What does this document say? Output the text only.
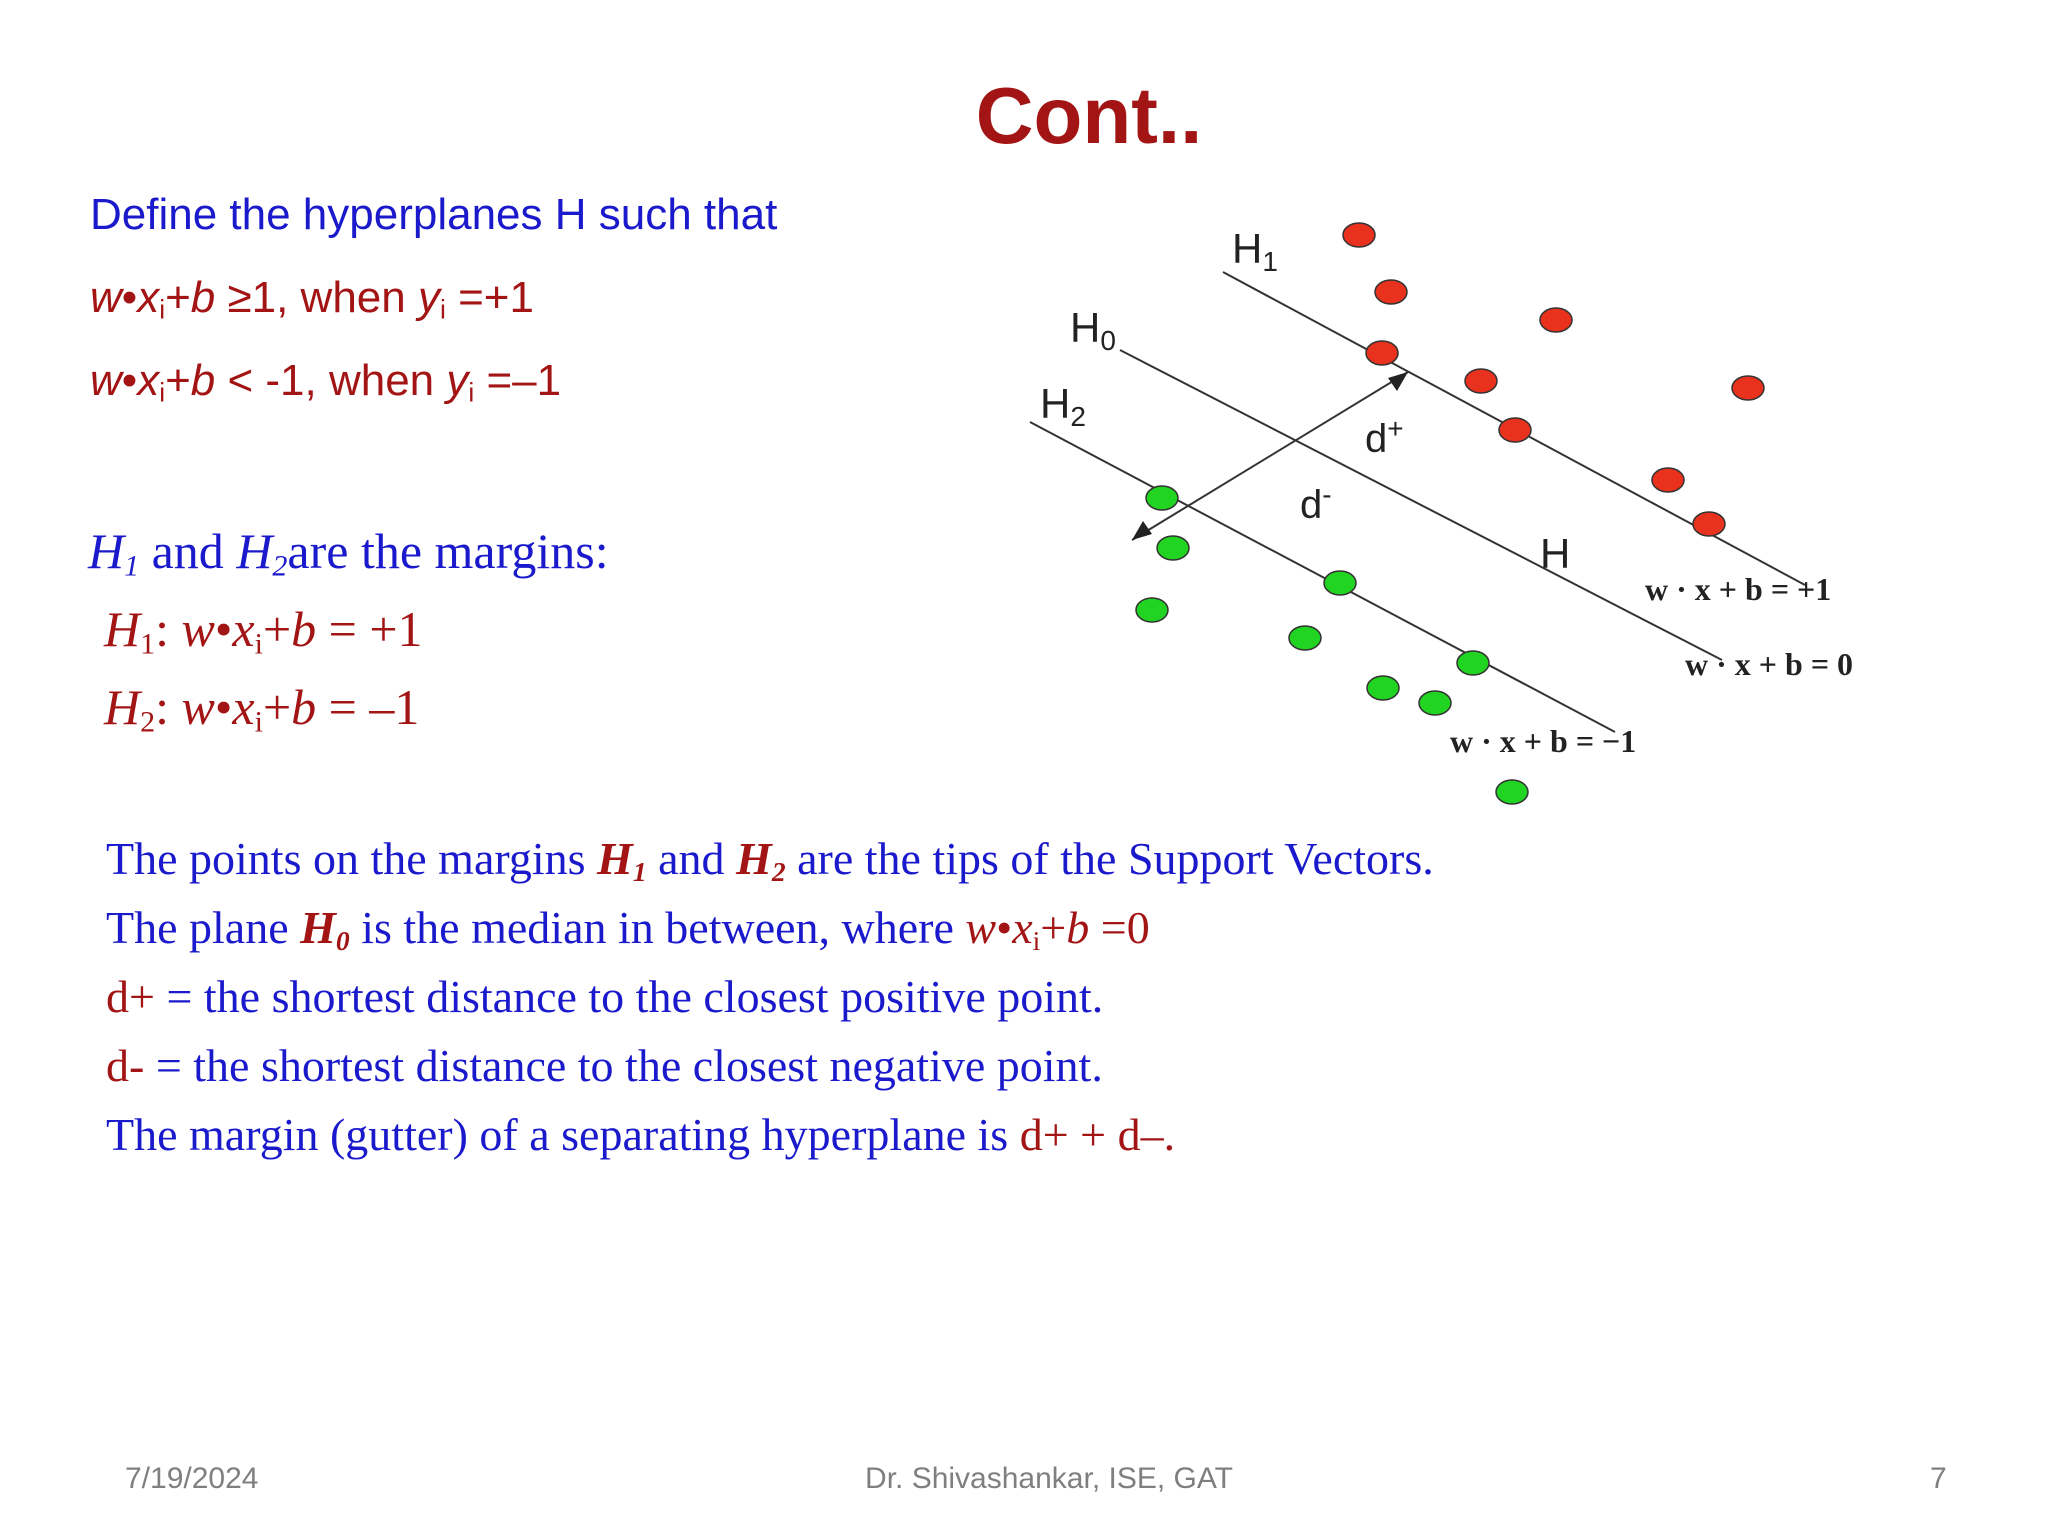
Cont..
Define the hyperplanes H such that
$w•x_i+b \ge 1$, when $y_i =+1$
$w•x_i+b < -1$, when $y_i =-1$
$H_1$ and $H_2are$ the margins:
$H_1$: $w•x_i+b = +1$
$H_2$: $w•x_i+b = -1$
The points on the margins $H_1$ and $H_2$ are the tips of the Support Vectors.
The plane $H_0$ is the median in between, where $w•x_i+b =0$
d+ = the shortest distance to the closest positive point.
d- = the shortest distance to the closest negative point.
The margin (gutter) of a separating hyperplane is d+ + d–.
H1
H0
H2
H
d+
d-
w · x + b = +1
w · x + b = 0
w · x + b = −1
7/19/2024	Dr. Shivashankar, ISE, GAT	7
